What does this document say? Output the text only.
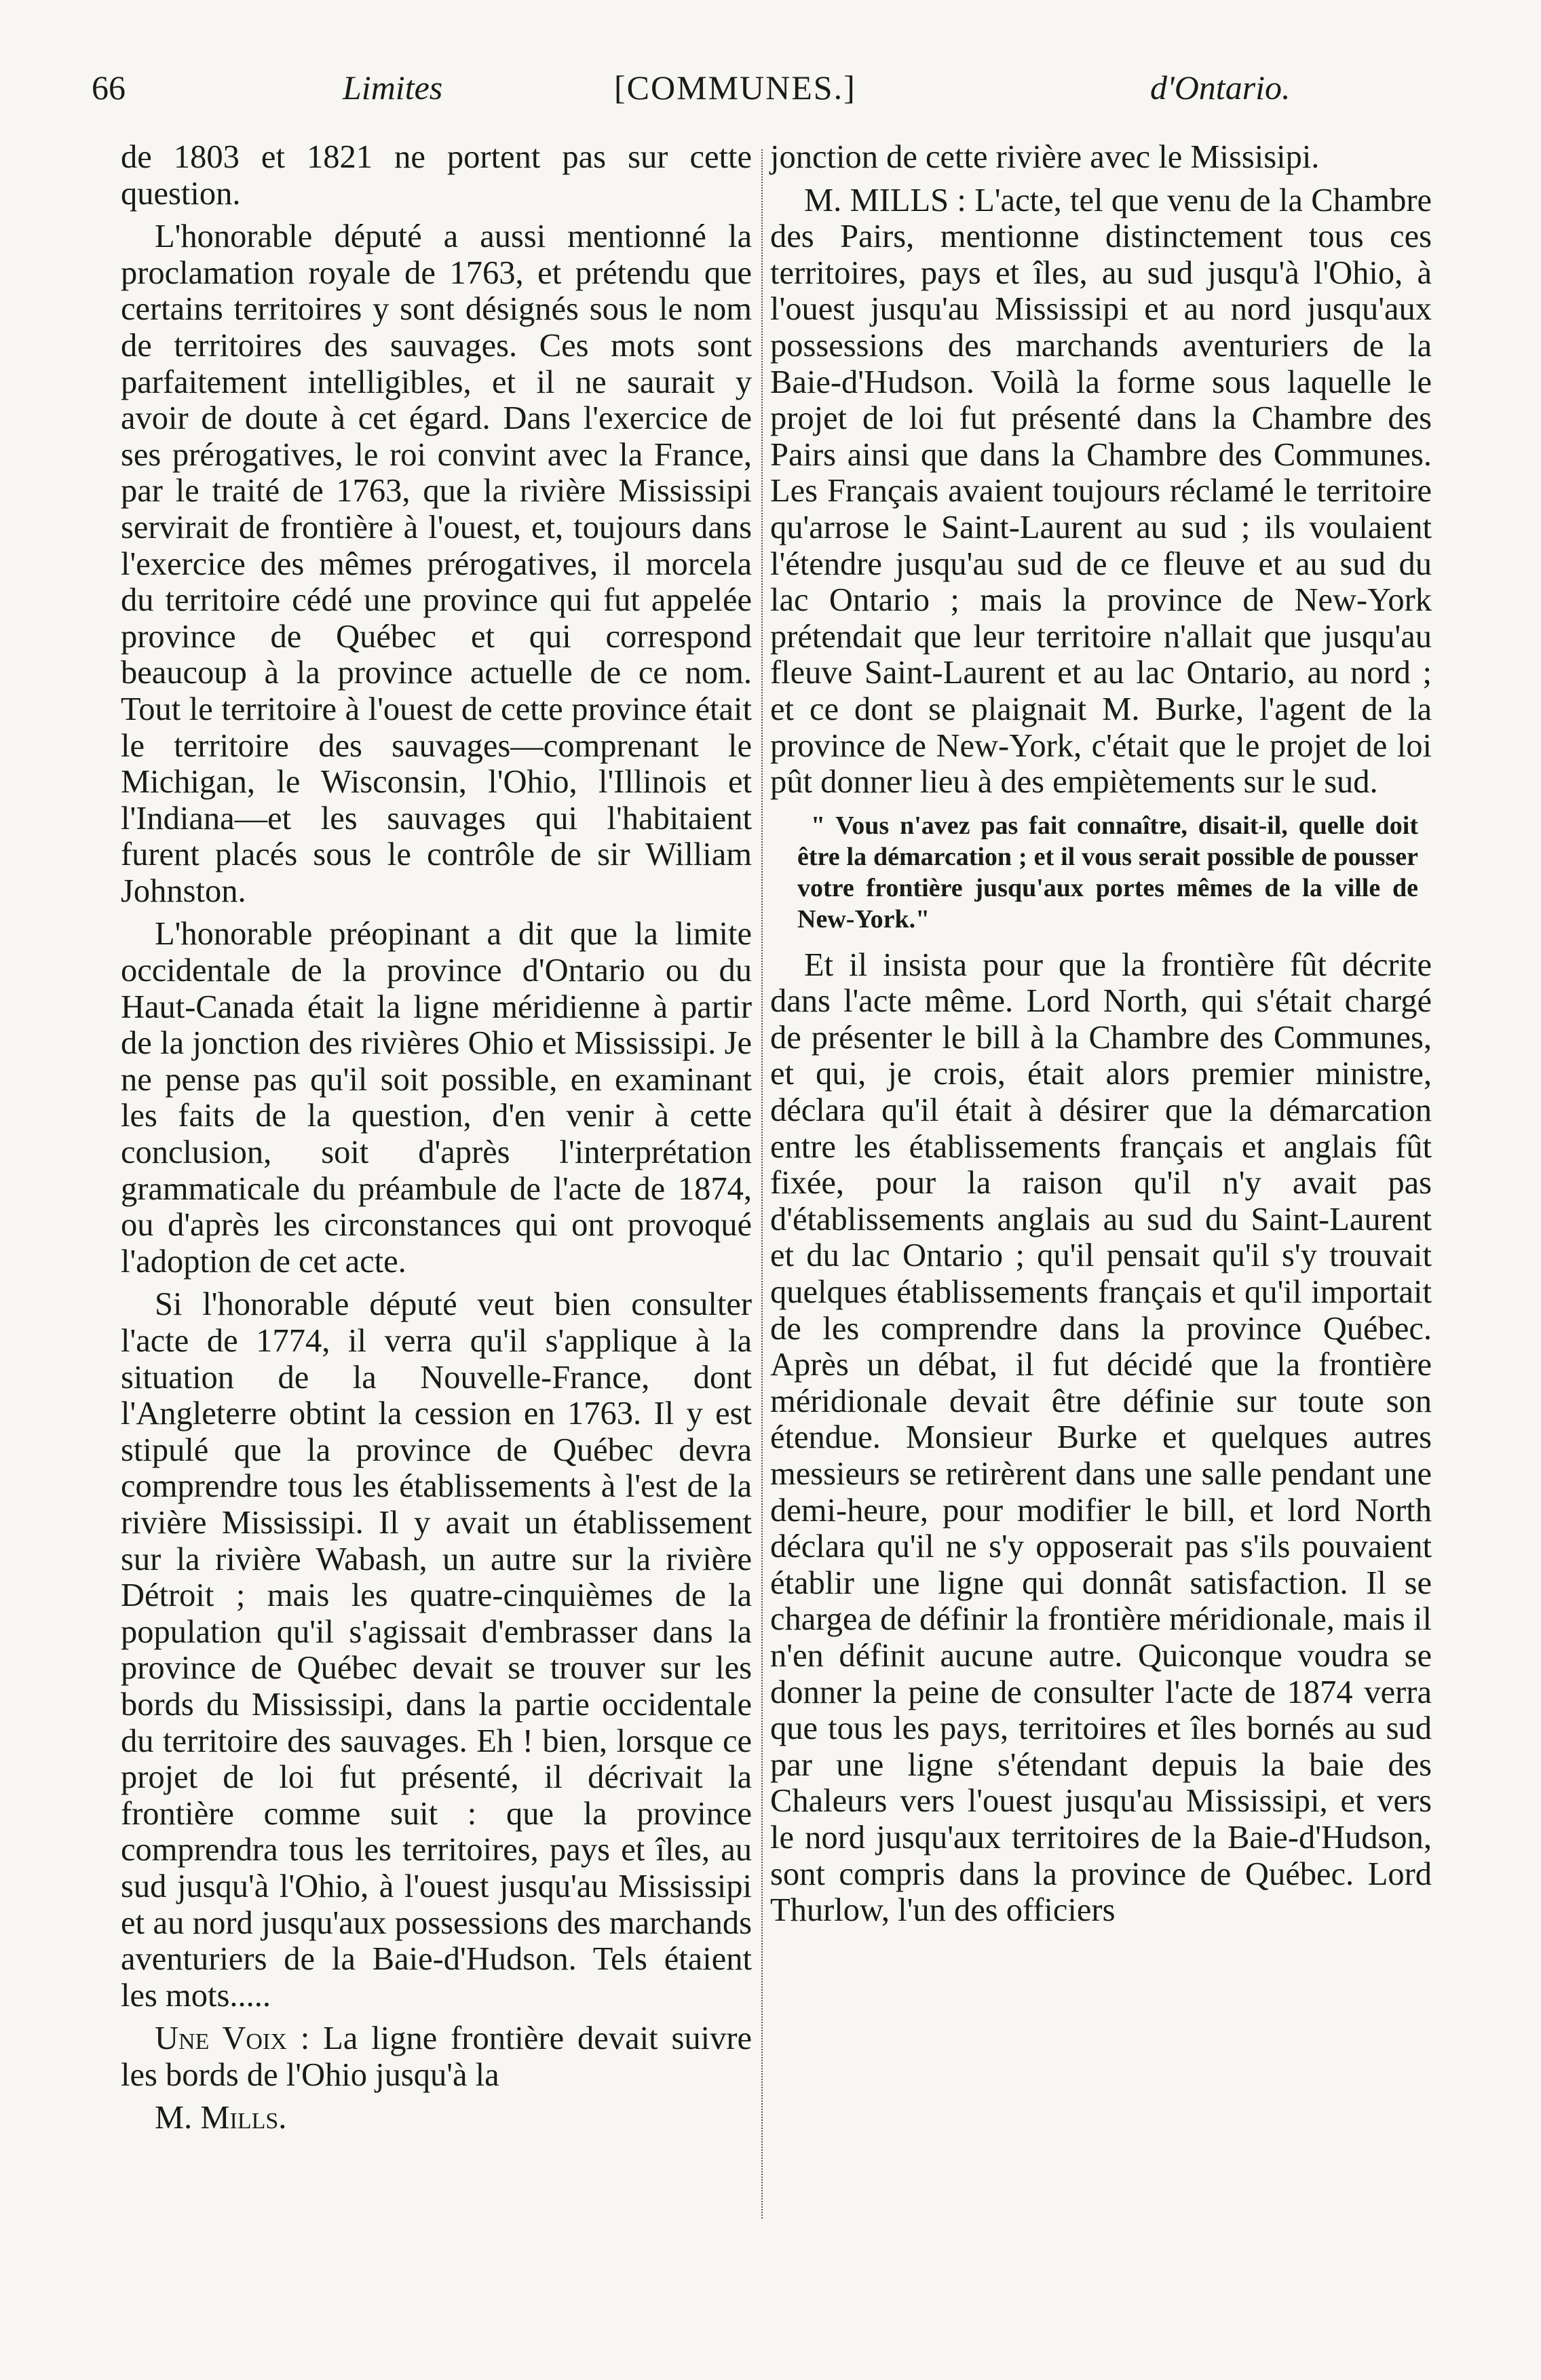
66	Limites	[COMMUNES.]	d'Ontario.

de 1803 et 1821 ne portent pas sur cette question.

L'honorable député a aussi mentionné la proclamation royale de 1763, et prétendu que certains territoires y sont désignés sous le nom de territoires des sauvages. Ces mots sont parfaitement intelligibles, et il ne saurait y avoir de doute à cet égard. Dans l'exercice de ses prérogatives, le roi convint avec la France, par le traité de 1763, que la rivière Mississipi servirait de frontière à l'ouest, et, toujours dans l'exercice des mêmes prérogatives, il morcela du territoire cédé une province qui fut appelée province de Québec et qui correspond beaucoup à la province actuelle de ce nom. Tout le territoire à l'ouest de cette province était le territoire des sauvages—comprenant le Michigan, le Wisconsin, l'Ohio, l'Illinois et l'Indiana—et les sauvages qui l'habitaient furent placés sous le contrôle de sir William Johnston.

L'honorable préopinant a dit que la limite occidentale de la province d'Ontario ou du Haut-Canada était la ligne méridienne à partir de la jonction des rivières Ohio et Mississipi. Je ne pense pas qu'il soit possible, en examinant les faits de la question, d'en venir à cette conclusion, soit d'après l'interprétation grammaticale du préambule de l'acte de 1874, ou d'après les circonstances qui ont provoqué l'adoption de cet acte.

Si l'honorable député veut bien consulter l'acte de 1774, il verra qu'il s'applique à la situation de la Nouvelle-France, dont l'Angleterre obtint la cession en 1763. Il y est stipulé que la province de Québec devra comprendre tous les établissements à l'est de la rivière Mississipi. Il y avait un établissement sur la rivière Wabash, un autre sur la rivière Détroit ; mais les quatre-cinquièmes de la population qu'il s'agissait d'embrasser dans la province de Québec devait se trouver sur les bords du Mississipi, dans la partie occidentale du territoire des sauvages. Eh ! bien, lorsque ce projet de loi fut présenté, il décrivait la frontière comme suit : que la province comprendra tous les territoires, pays et îles, au sud jusqu'à l'Ohio, à l'ouest jusqu'au Mississipi et au nord jusqu'aux possessions des marchands aventuriers de la Baie-d'Hudson. Tels étaient les mots.....

Une Voix : La ligne frontière devait suivre les bords de l'Ohio jusqu'à la

M. Mills.

jonction de cette rivière avec le Missisipi.

M. MILLS : L'acte, tel que venu de la Chambre des Pairs, mentionne distinctement tous ces territoires, pays et îles, au sud jusqu'à l'Ohio, à l'ouest jusqu'au Mississipi et au nord jusqu'aux possessions des marchands aventuriers de la Baie-d'Hudson. Voilà la forme sous laquelle le projet de loi fut présenté dans la Chambre des Pairs ainsi que dans la Chambre des Communes. Les Français avaient toujours réclamé le territoire qu'arrose le Saint-Laurent au sud ; ils voulaient l'étendre jusqu'au sud de ce fleuve et au sud du lac Ontario ; mais la province de New-York prétendait que leur territoire n'allait que jusqu'au fleuve Saint-Laurent et au lac Ontario, au nord ; et ce dont se plaignait M. Burke, l'agent de la province de New-York, c'était que le projet de loi pût donner lieu à des empiètements sur le sud.

" Vous n'avez pas fait connaître, disait-il, quelle doit être la démarcation ; et il vous serait possible de pousser votre frontière jusqu'aux portes mêmes de la ville de New-York."

Et il insista pour que la frontière fût décrite dans l'acte même. Lord North, qui s'était chargé de présenter le bill à la Chambre des Communes, et qui, je crois, était alors premier ministre, déclara qu'il était à désirer que la démarcation entre les établissements français et anglais fût fixée, pour la raison qu'il n'y avait pas d'établissements anglais au sud du Saint-Laurent et du lac Ontario ; qu'il pensait qu'il s'y trouvait quelques établissements français et qu'il importait de les comprendre dans la province Québec. Après un débat, il fut décidé que la frontière méridionale devait être définie sur toute son étendue. Monsieur Burke et quelques autres messieurs se retirèrent dans une salle pendant une demi-heure, pour modifier le bill, et lord North déclara qu'il ne s'y opposerait pas s'ils pouvaient établir une ligne qui donnât satisfaction. Il se chargea de définir la frontière méridionale, mais il n'en définit aucune autre. Quiconque voudra se donner la peine de consulter l'acte de 1874 verra que tous les pays, territoires et îles bornés au sud par une ligne s'étendant depuis la baie des Chaleurs vers l'ouest jusqu'au Mississipi, et vers le nord jusqu'aux territoires de la Baie-d'Hudson, sont compris dans la province de Québec. Lord Thurlow, l'un des officiers
